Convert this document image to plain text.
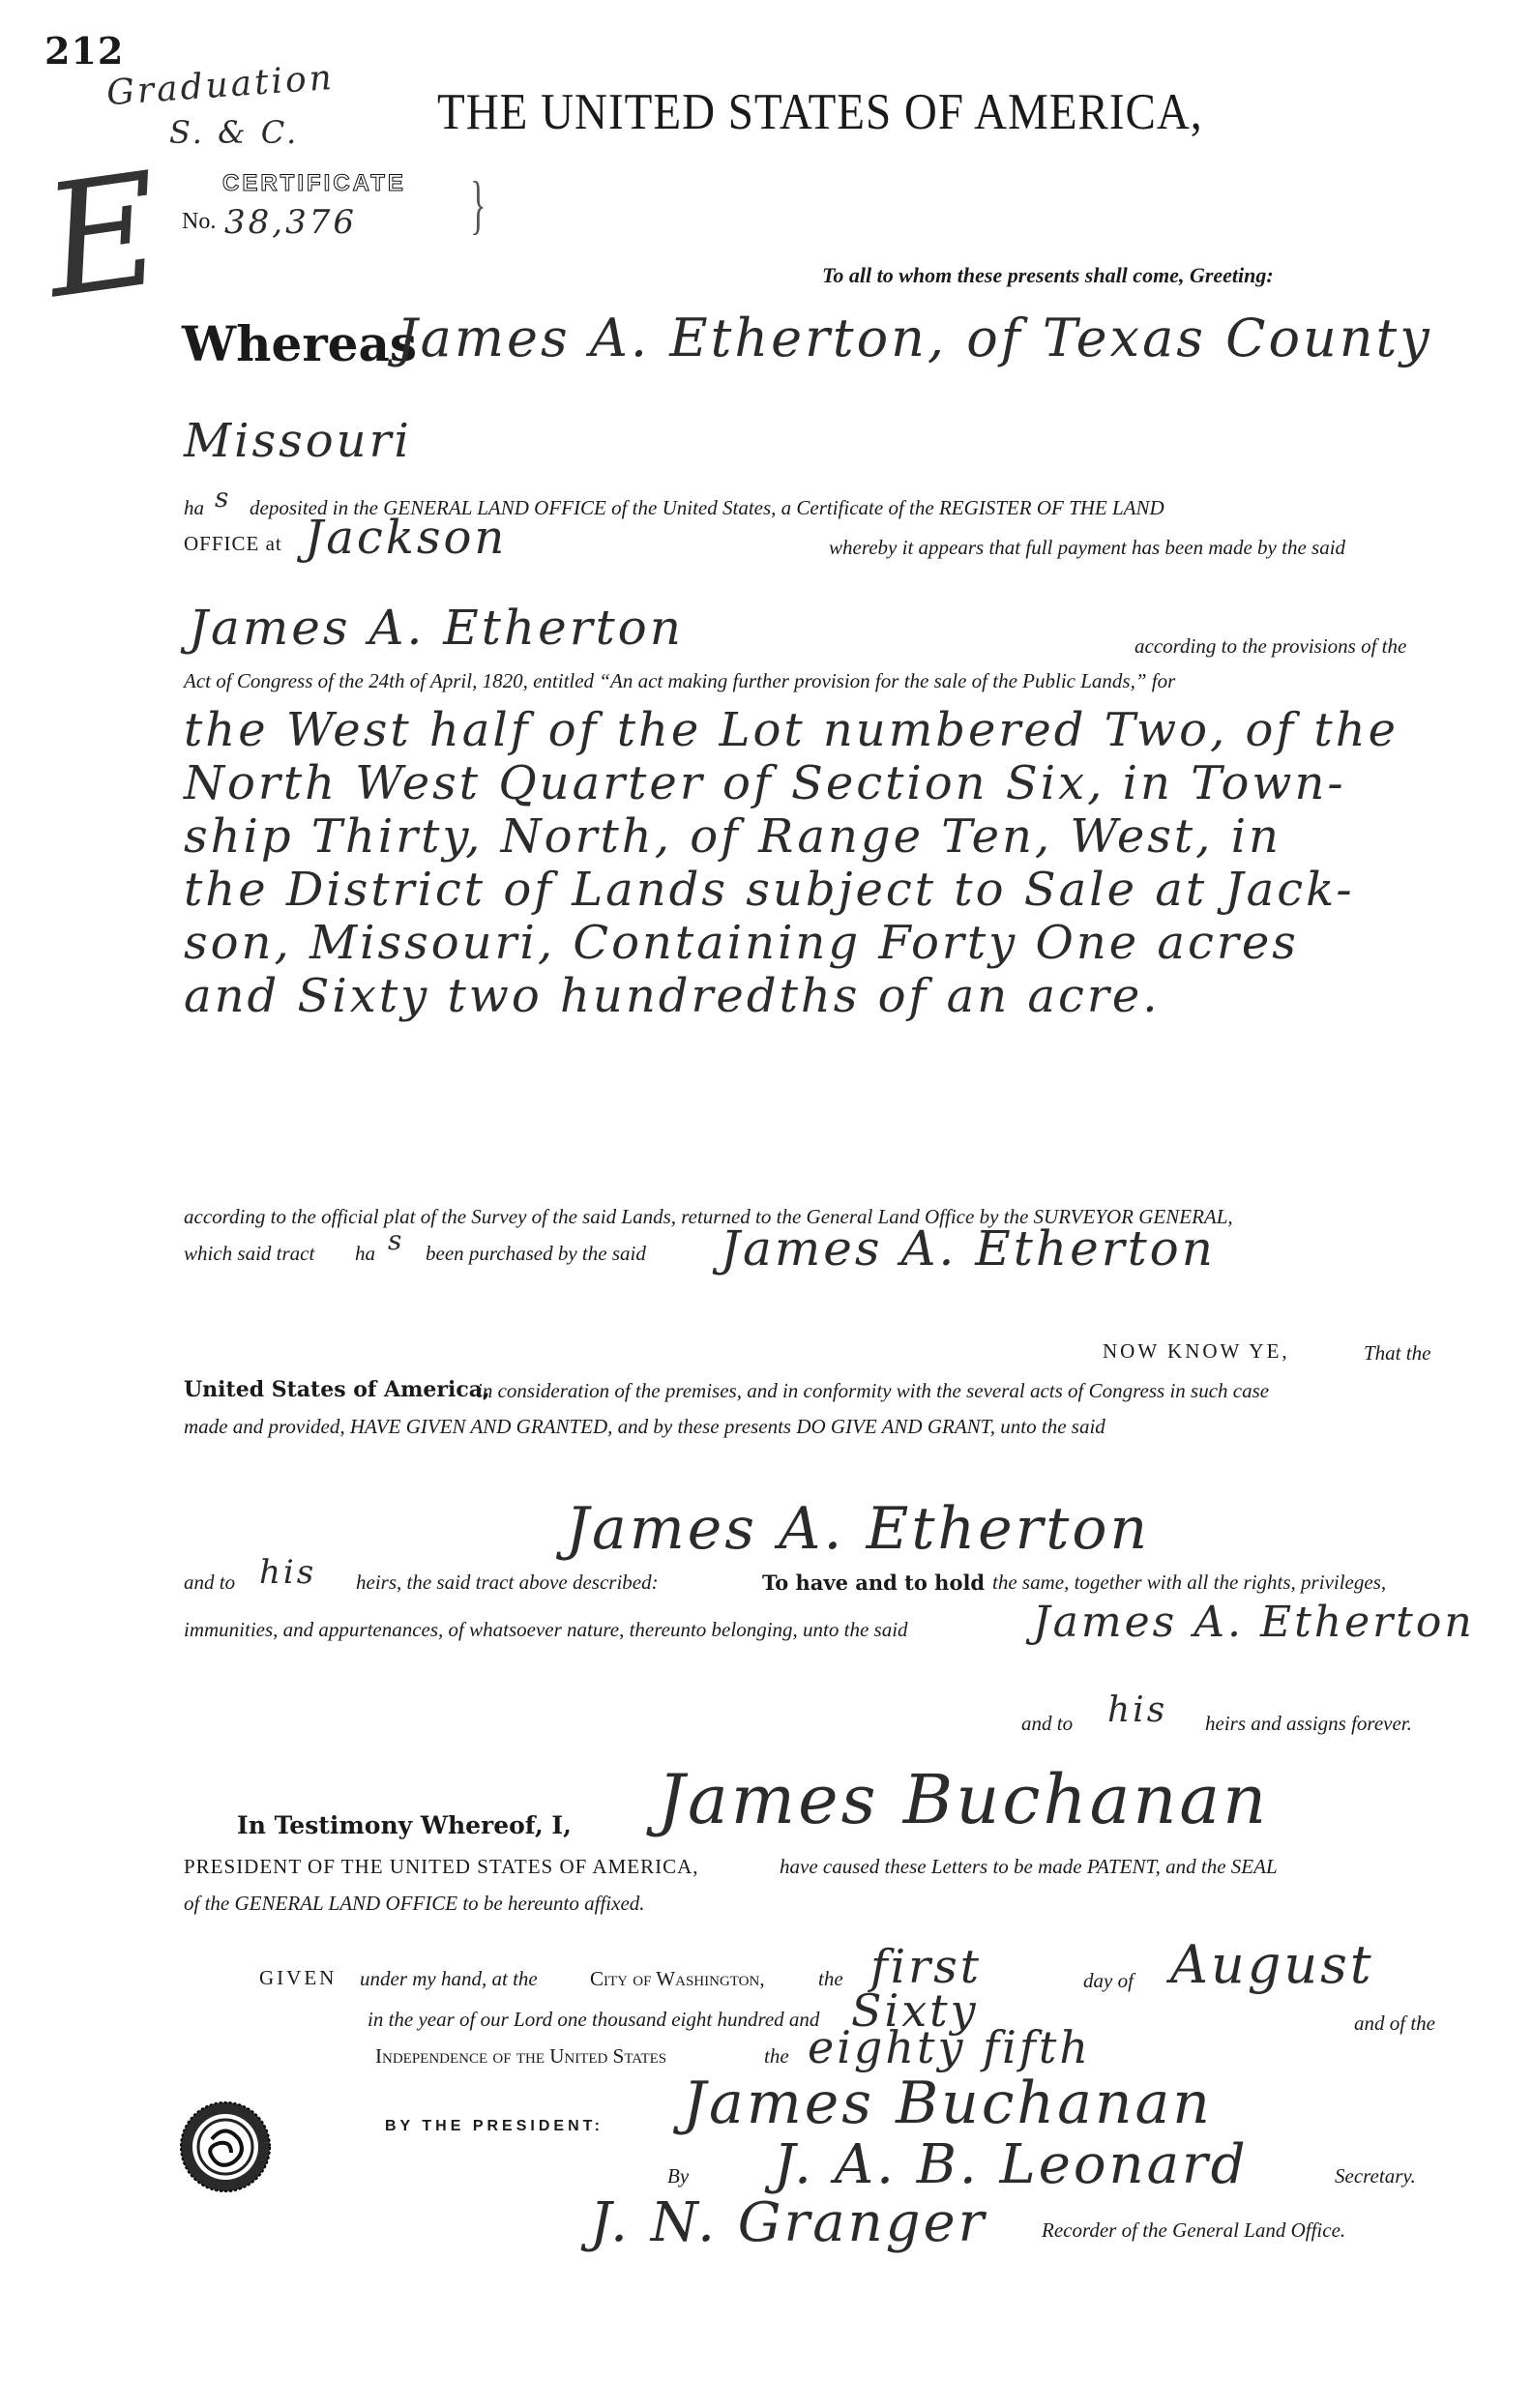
212
Graduation
S. & C.
E
THE UNITED STATES OF AMERICA,
CERTIFICATE
No. 38,376 }
To all to whom these presents shall come, Greeting:
Whereas
James A. Etherton, of Texas County
Missouri
ha s deposited in the GENERAL LAND OFFICE of the United States, a Certificate of the REGISTER OF THE LAND
OFFICE at Jackson	whereby it appears that full payment has been made by the said
James A. Etherton	according to the provisions of the
Act of Congress of the 24th of April, 1820, entitled “An act making further provision for the sale of the Public Lands,” for
the West half of the Lot numbered Two, of the
North West Quarter of Section Six, in Town-
ship Thirty, North, of Range Ten, West, in
the District of Lands subject to Sale at Jack-
son, Missouri, Containing Forty One acres
and Sixty two hundredths of an acre.
according to the official plat of the Survey of the said Lands, returned to the General Land Office by the SURVEYOR GENERAL,
which said tract ha s been purchased by the said James A. Etherton
NOW KNOW YE,	That the
United States of America,
in consideration of the premises, and in conformity with the several acts of Congress in such case
made and provided, HAVE GIVEN AND GRANTED, and by these presents DO GIVE AND GRANT, unto the said
James A. Etherton
and to his heirs, the said tract above described:	To have and to hold the same, together with all the rights, privileges,
immunities, and appurtenances, of whatsoever nature, thereunto belonging, unto the said	James A. Etherton
and to his heirs and assigns forever.
In Testimony Whereof, I, James Buchanan
PRESIDENT OF THE UNITED STATES OF AMERICA,	have caused these Letters to be made PATENT, and the SEAL
of the GENERAL LAND OFFICE to be hereunto affixed.
GIVEN under my hand, at the	City of Washington,	the first	day of August
in the year of our Lord one thousand eight hundred and Sixty	and of the
Independence of the United States	the eighty fifth
BY THE PRESIDENT: James Buchanan
By J. A. B. Leonard	Secretary.
J. N. Granger	Recorder of the General Land Office.
